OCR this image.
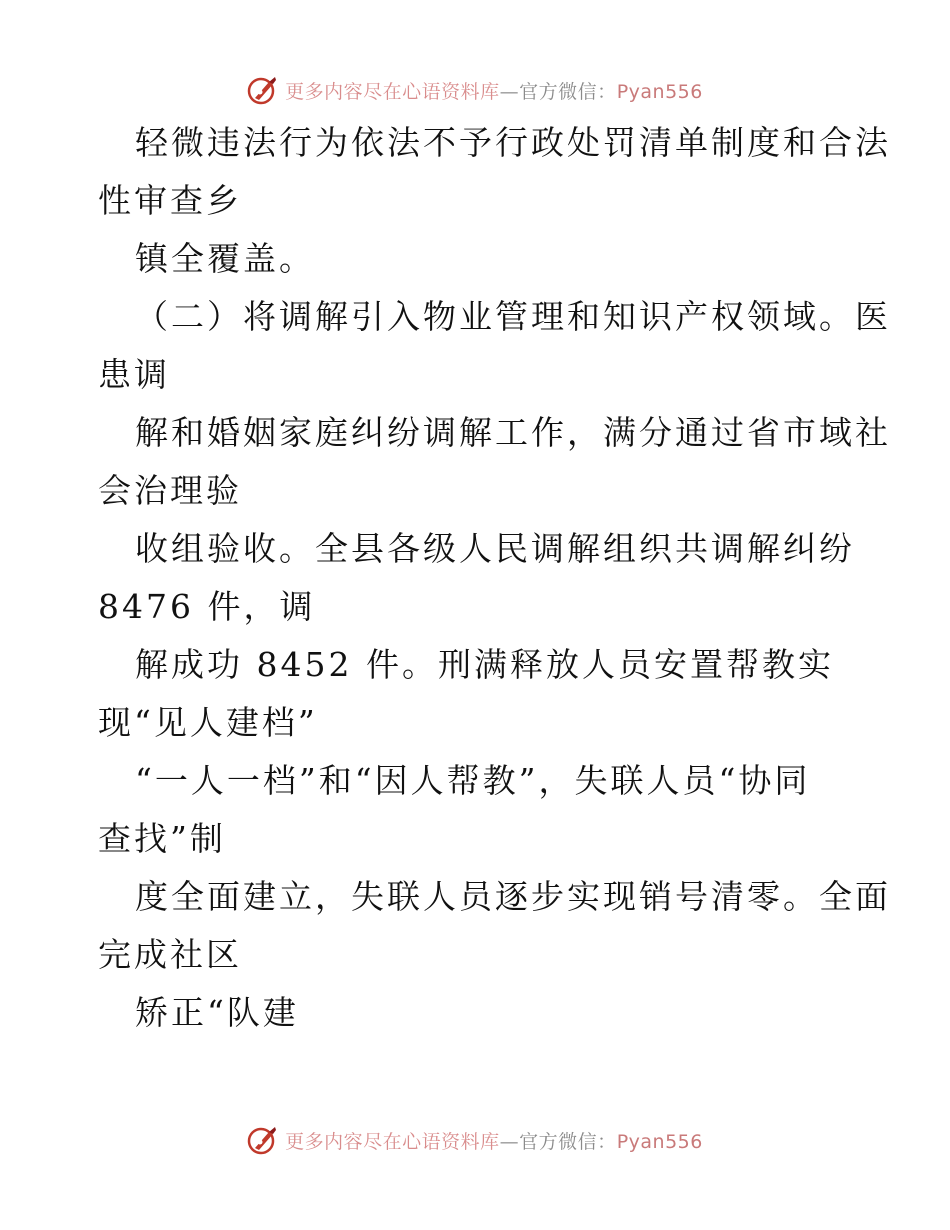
更多内容尽在心语资料库—官方微信：Pyan556
轻微违法行为依法不予行政处罚清单制度和合法
性审查乡
镇全覆盖。
（二）将调解引入物业管理和知识产权领域。医
患调
解和婚姻家庭纠纷调解工作，满分通过省市域社
会治理验
收组验收。全县各级人民调解组织共调解纠纷
8476 件，调
解成功 8452 件。刑满释放人员安置帮教实
现“见人建档”
“一人一档”和“因人帮教”，失联人员“协同
查找”制
度全面建立，失联人员逐步实现销号清零。全面
完成社区
矫正“队建
更多内容尽在心语资料库—官方微信：Pyan556
